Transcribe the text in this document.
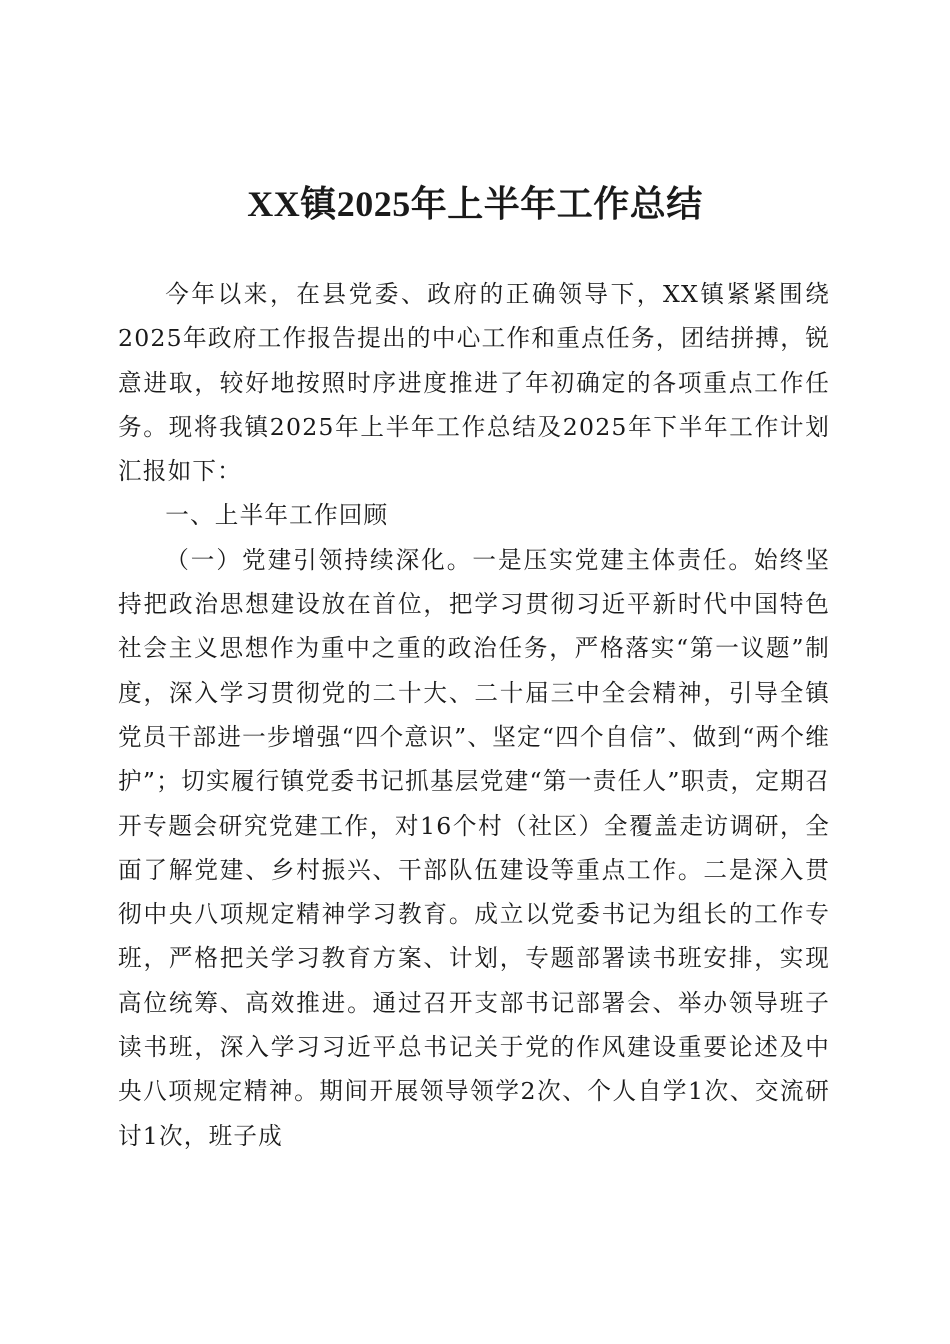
XX镇2025年上半年工作总结

今年以来，在县党委、政府的正确领导下，XX镇紧紧围绕2025年政府工作报告提出的中心工作和重点任务，团结拼搏，锐意进取，较好地按照时序进度推进了年初确定的各项重点工作任务。现将我镇2025年上半年工作总结及2025年下半年工作计划汇报如下：

一、上半年工作回顾

（一）党建引领持续深化。一是压实党建主体责任。始终坚持把政治思想建设放在首位，把学习贯彻习近平新时代中国特色社会主义思想作为重中之重的政治任务，严格落实“第一议题”制度，深入学习贯彻党的二十大、二十届三中全会精神，引导全镇党员干部进一步增强“四个意识”、坚定“四个自信”、做到“两个维护”；切实履行镇党委书记抓基层党建“第一责任人”职责，定期召开专题会研究党建工作，对16个村（社区）全覆盖走访调研，全面了解党建、乡村振兴、干部队伍建设等重点工作。二是深入贯彻中央八项规定精神学习教育。成立以党委书记为组长的工作专班，严格把关学习教育方案、计划，专题部署读书班安排，实现高位统筹、高效推进。通过召开支部书记部署会、举办领导班子读书班，深入学习习近平总书记关于党的作风建设重要论述及中央八项规定精神。期间开展领导领学2次、个人自学1次、交流研讨1次，班子成
